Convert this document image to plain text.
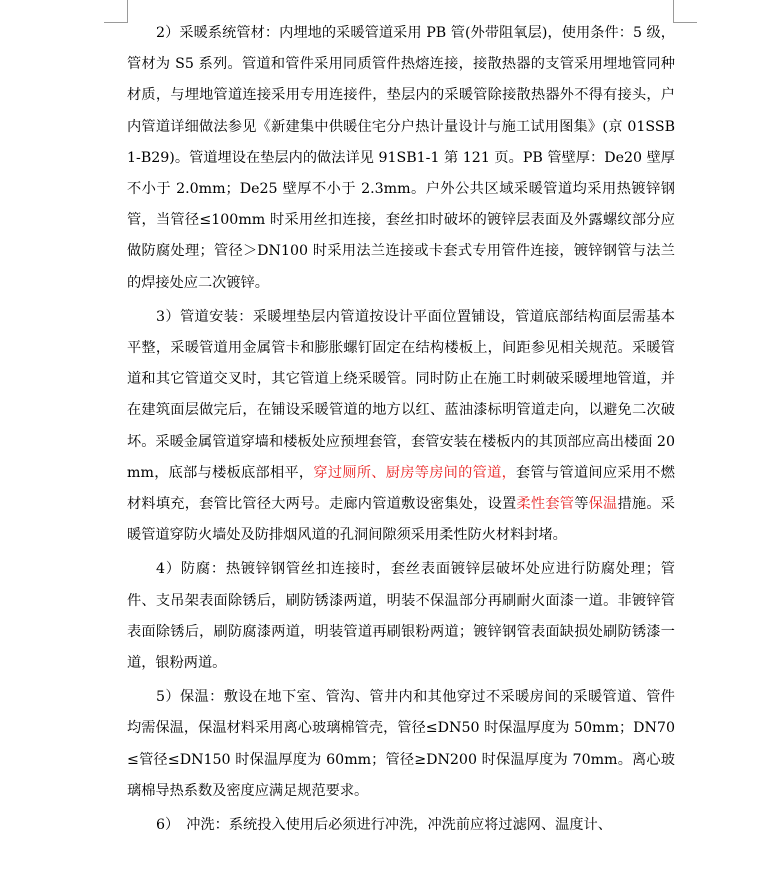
2）采暖系统管材：内埋地的采暖管道采用 PB 管(外带阻氧层)，使用条件：5 级，管材为 S5 系列。管道和管件采用同质管件热熔连接，接散热器的支管采用埋地管同种材质，与埋地管道连接采用专用连接件，垫层内的采暖管除接散热器外不得有接头，户内管道详细做法参见《新建集中供暖住宅分户热计量设计与施工试用图集》(京 01SSB1-B29)。管道埋设在垫层内的做法详见 91SB1-1 第 121 页。PB 管壁厚：De20 壁厚不小于 2.0mm；De25 壁厚不小于 2.3mm。户外公共区域采暖管道均采用热镀锌钢管，当管径≤100mm 时采用丝扣连接，套丝扣时破坏的镀锌层表面及外露螺纹部分应做防腐处理；管径＞DN100 时采用法兰连接或卡套式专用管件连接，镀锌钢管与法兰的焊接处应二次镀锌。

3）管道安装：采暖埋垫层内管道按设计平面位置铺设，管道底部结构面层需基本平整，采暖管道用金属管卡和膨胀螺钉固定在结构楼板上，间距参见相关规范。采暖管道和其它管道交叉时，其它管道上绕采暖管。同时防止在施工时刺破采暖埋地管道，并在建筑面层做完后，在铺设采暖管道的地方以红、蓝油漆标明管道走向，以避免二次破坏。采暖金属管道穿墙和楼板处应预埋套管，套管安装在楼板内的其顶部应高出楼面 20mm，底部与楼板底部相平，穿过厕所、厨房等房间的管道，套管与管道间应采用不燃材料填充，套管比管径大两号。走廊内管道敷设密集处，设置柔性套管等保温措施。采暖管道穿防火墙处及防排烟风道的孔洞间隙须采用柔性防火材料封堵。

4）防腐：热镀锌钢管丝扣连接时，套丝表面镀锌层破坏处应进行防腐处理；管件、支吊架表面除锈后，刷防锈漆两道，明装不保温部分再刷耐火面漆一道。非镀锌管表面除锈后，刷防腐漆两道，明装管道再刷银粉两道；镀锌钢管表面缺损处刷防锈漆一道，银粉两道。

5）保温：敷设在地下室、管沟、管井内和其他穿过不采暖房间的采暖管道、管件均需保温，保温材料采用离心玻璃棉管壳，管径≤DN50 时保温厚度为 50mm；DN70≤管径≤DN150 时保温厚度为 60mm；管径≥DN200 时保温厚度为 70mm。离心玻璃棉导热系数及密度应满足规范要求。

6）　冲洗：系统投入使用后必须进行冲洗，冲洗前应将过滤网、温度计、
